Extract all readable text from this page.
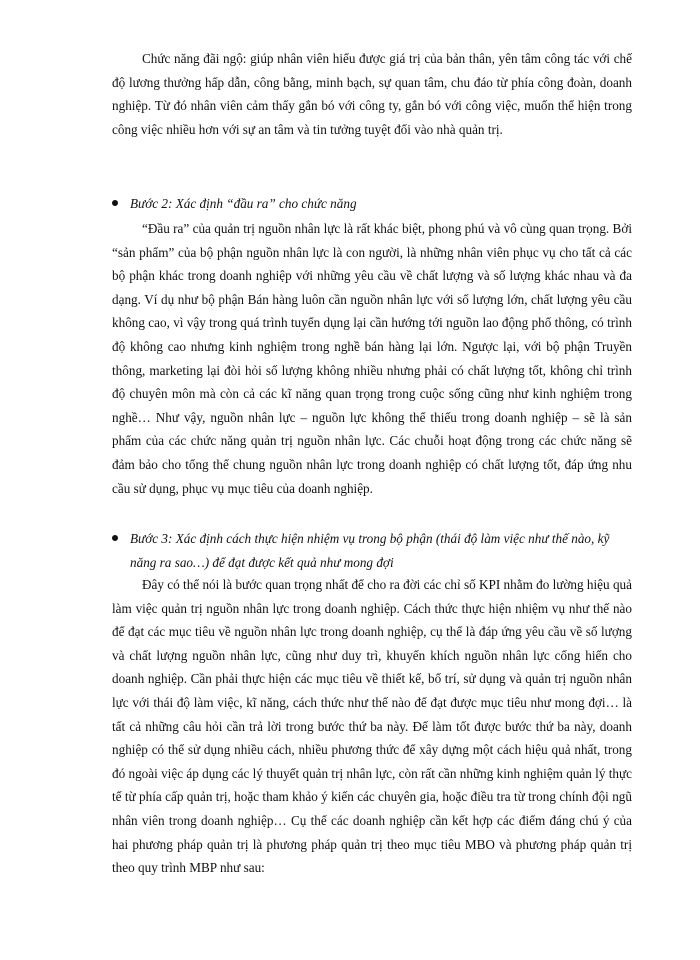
Chức năng đãi ngộ: giúp nhân viên hiểu được giá trị của bản thân, yên tâm công tác với chế độ lương thưởng hấp dẫn, công bằng, minh bạch, sự quan tâm, chu đáo từ phía công đoàn, doanh nghiệp. Từ đó nhân viên cảm thấy gắn bó với công ty, gắn bó với công việc, muốn thể hiện trong công việc nhiều hơn với sự an tâm và tin tưởng tuyệt đối vào nhà quản trị.

Bước 2: Xác định “đầu ra” cho chức năng

“Đầu ra” của quản trị nguồn nhân lực là rất khác biệt, phong phú và vô cùng quan trọng. Bởi “sản phẩm” của bộ phận nguồn nhân lực là con người, là những nhân viên phục vụ cho tất cả các bộ phận khác trong doanh nghiệp với những yêu cầu về chất lượng và số lượng khác nhau và đa dạng. Ví dụ như bộ phận Bán hàng luôn cần nguồn nhân lực với số lượng lớn, chất lượng yêu cầu không cao, vì vậy trong quá trình tuyển dụng lại cần hướng tới nguồn lao động phổ thông, có trình độ không cao nhưng kinh nghiệm trong nghề bán hàng lại lớn. Ngược lại, với bộ phận Truyền thông, marketing lại đòi hỏi số lượng không nhiều nhưng phải có chất lượng tốt, không chỉ trình độ chuyên môn mà còn cả các kĩ năng quan trọng trong cuộc sống cũng như kinh nghiệm trong nghề… Như vậy, nguồn nhân lực – nguồn lực không thể thiếu trong doanh nghiệp – sẽ là sản phẩm của các chức năng quản trị nguồn nhân lực. Các chuỗi hoạt động trong các chức năng sẽ đảm bảo cho tổng thể chung nguồn nhân lực trong doanh nghiệp có chất lượng tốt, đáp ứng nhu cầu sử dụng, phục vụ mục tiêu của doanh nghiệp.

Bước 3: Xác định cách thực hiện nhiệm vụ trong bộ phận (thái độ làm việc như thế nào, kỹ năng ra sao…) để đạt được kết quả như mong đợi

Đây có thể nói là bước quan trọng nhất để cho ra đời các chỉ số KPI nhằm đo lường hiệu quả làm việc quản trị nguồn nhân lực trong doanh nghiệp. Cách thức thực hiện nhiệm vụ như thế nào để đạt các mục tiêu về nguồn nhân lực trong doanh nghiệp, cụ thể là đáp ứng yêu cầu về số lượng và chất lượng nguồn nhân lực, cũng như duy trì, khuyến khích nguồn nhân lực cống hiến cho doanh nghiệp. Cần phải thực hiện các mục tiêu về thiết kế, bố trí, sử dụng và quản trị nguồn nhân lực với thái độ làm việc, kĩ năng, cách thức như thế nào để đạt được mục tiêu như mong đợi… là tất cả những câu hỏi cần trả lời trong bước thứ ba này. Để làm tốt được bước thứ ba này, doanh nghiệp có thể sử dụng nhiều cách, nhiều phương thức để xây dựng một cách hiệu quả nhất, trong đó ngoài việc áp dụng các lý thuyết quản trị nhân lực, còn rất cần những kinh nghiệm quản lý thực tế từ phía cấp quản trị, hoặc tham khảo ý kiến các chuyên gia, hoặc điều tra từ trong chính đội ngũ nhân viên trong doanh nghiệp… Cụ thể các doanh nghiệp cần kết hợp các điểm đáng chú ý của hai phương pháp quản trị là phương pháp quản trị theo mục tiêu MBO và phương pháp quản trị theo quy trình MBP như sau:
